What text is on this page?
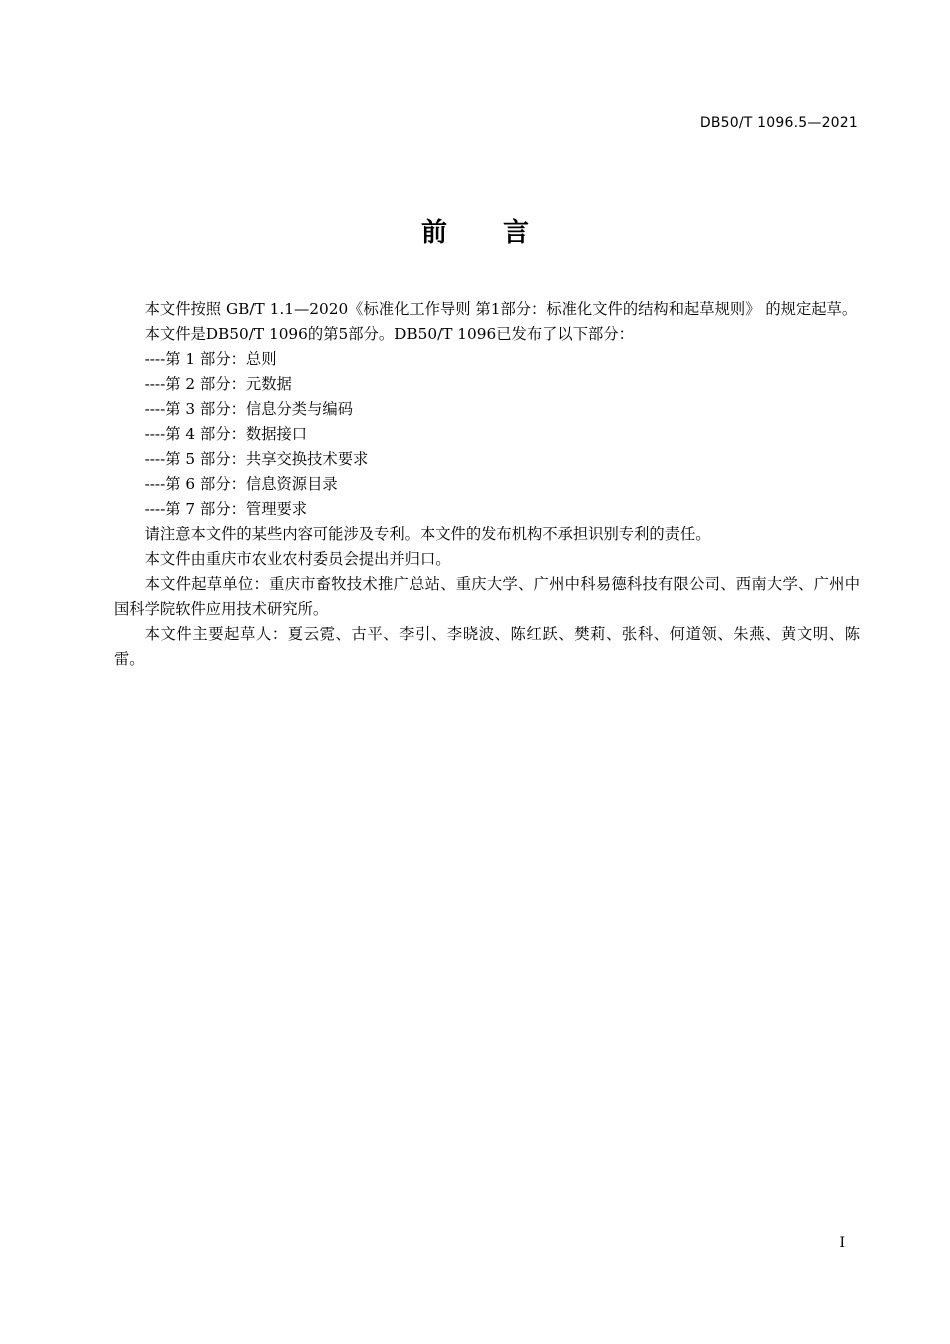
DB50/T 1096.5—2021
前 言

本文件按照 GB/T 1.1—2020《标准化工作导则 第1部分：标准化文件的结构和起草规则》 的规定起草。

本文件是DB50/T 1096的第5部分。DB50/T 1096已发布了以下部分：

----第 1 部分：总则

----第 2 部分：元数据

----第 3 部分：信息分类与编码

----第 4 部分：数据接口

----第 5 部分：共享交换技术要求

----第 6 部分：信息资源目录

----第 7 部分：管理要求

请注意本文件的某些内容可能涉及专利。本文件的发布机构不承担识别专利的责任。

本文件由重庆市农业农村委员会提出并归口。

本文件起草单位：重庆市畜牧技术推广总站、重庆大学、广州中科易德科技有限公司、西南大学、广州中国科学院软件应用技术研究所。

本文件主要起草人：夏云霓、古平、李引、李晓波、陈红跃、樊莉、张科、何道领、朱燕、黄文明、陈雷。

I
